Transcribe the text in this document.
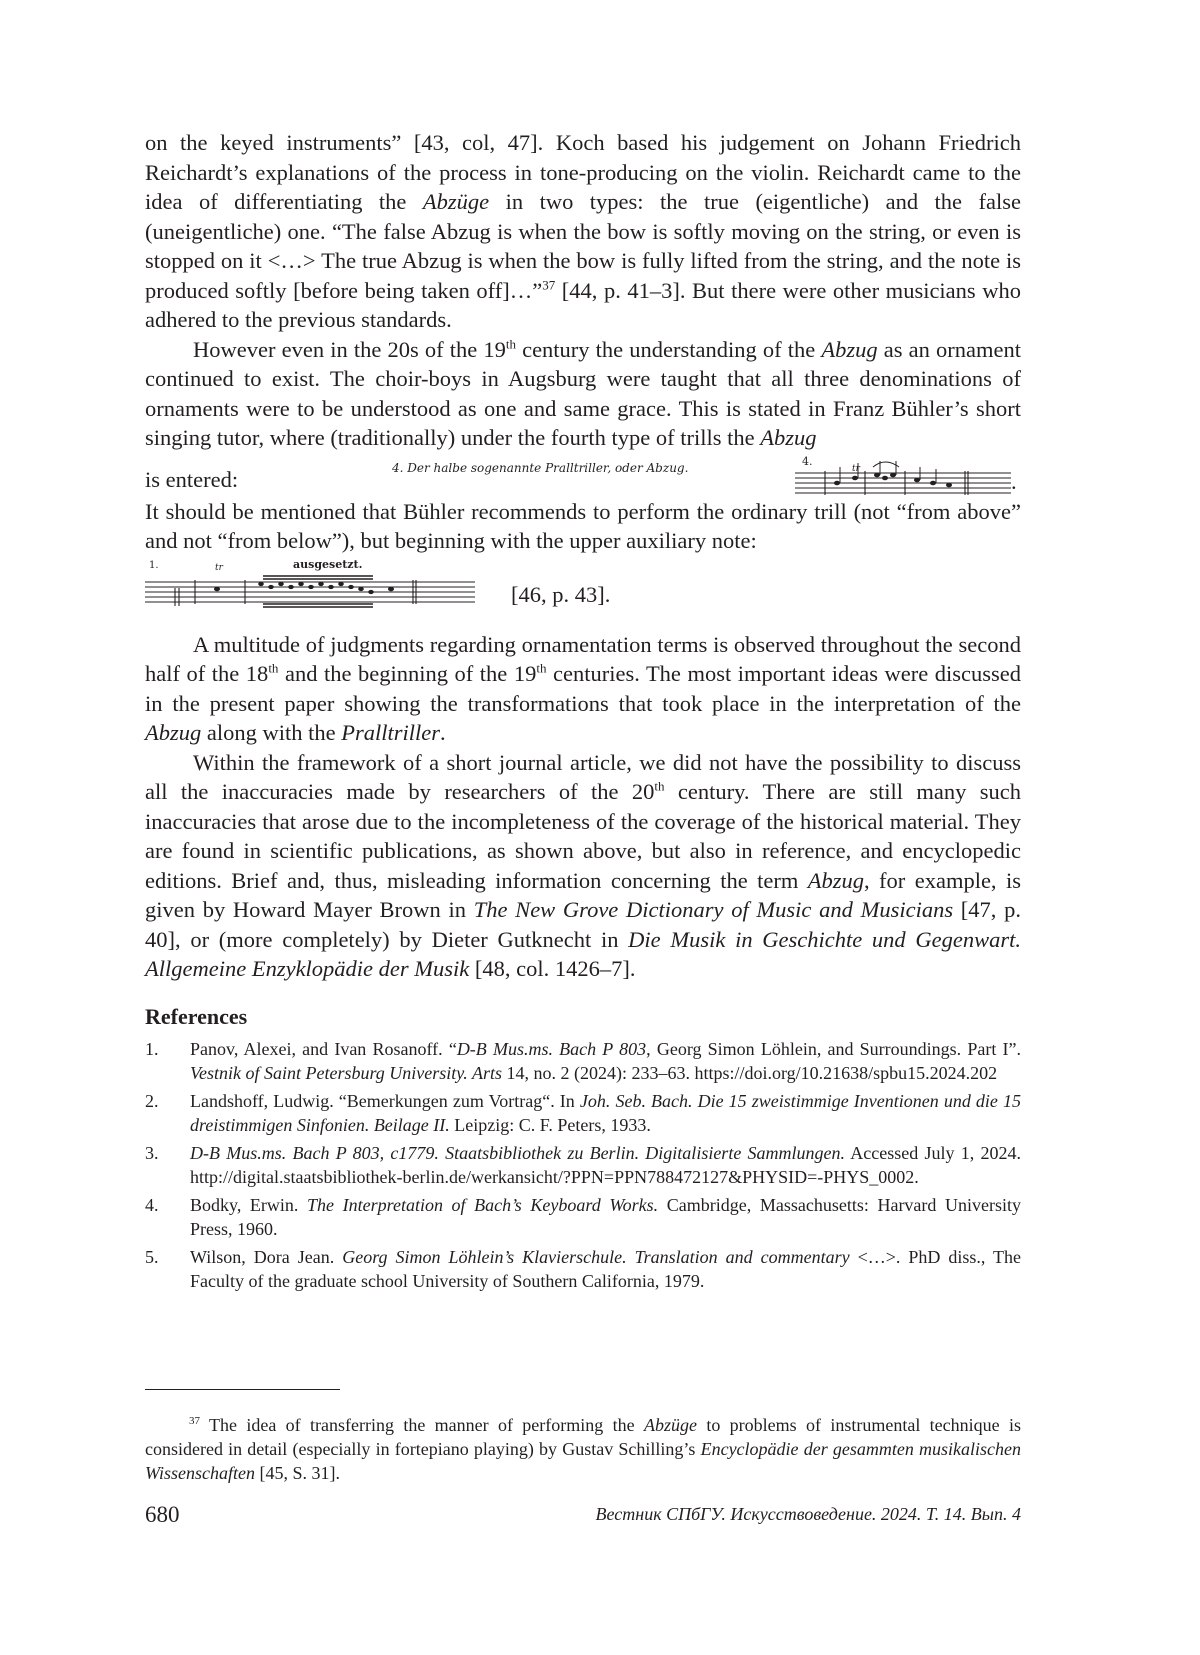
on the keyed instruments” [43, col, 47]. Koch based his judgement on Johann Friedrich Reichardt’s explanations of the process in tone-producing on the violin. Reichardt came to the idea of differentiating the Abzüge in two types: the true (eigentliche) and the false (uneigentliche) one. “The false Abzug is when the bow is softly moving on the string, or even is stopped on it <…> The true Abzug is when the bow is fully lifted from the string, and the note is produced softly [before being taken off]…”$^{37}$ [44, p. 41–3]. But there were other musicians who adhered to the previous standards.

However even in the 20s of the 19th century the understanding of the Abzug as an ornament continued to exist. The choir-boys in Augsburg were taught that all three denominations of ornaments were to be understood as one and same grace. This is stated in Franz Bühler’s short singing tutor, where (traditionally) under the fourth type of trills the Abzug

is entered:	4. Der halbe sogenannte Pralltriller, oder Abzug.	4.
tr
.

It should be mentioned that Bühler recommends to perform the ordinary trill (not “from above” and not “from below”), but beginning with the upper auxiliary note:

1.	tr	ausgesetzt.
[46, p. 43].

A multitude of judgments regarding ornamentation terms is observed throughout the second half of the 18th and the beginning of the 19th centuries. The most important ideas were discussed in the present paper showing the transformations that took place in the interpretation of the Abzug along with the Pralltriller.

Within the framework of a short journal article, we did not have the possibility to discuss all the inaccuracies made by researchers of the 20th century. There are still many such inaccuracies that arose due to the incompleteness of the coverage of the historical material. They are found in scientific publications, as shown above, but also in reference, and encyclopedic editions. Brief and, thus, misleading information concerning the term Abzug, for example, is given by Howard Mayer Brown in The New Grove Dictionary of Music and Musicians [47, p. 40], or (more completely) by Dieter Gutknecht in Die Musik in Geschichte und Gegenwart. Allgemeine Enzyklopädie der Musik [48, col. 1426–7].

References
1.	Panov, Alexei, and Ivan Rosanoff. “D-B Mus.ms. Bach P 803, Georg Simon Löhlein, and Surroundings. Part I”. Vestnik of Saint Petersburg University. Arts 14, no. 2 (2024): 233–63. https://doi.org/10.21638/spbu15.2024.202
2.	Landshoff, Ludwig. “Bemerkungen zum Vortrag“. In Joh. Seb. Bach. Die 15 zweistimmige Inventionen und die 15 dreistimmigen Sinfonien. Beilage II. Leipzig: C. F. Peters, 1933.
3.	D-B Mus.ms. Bach P 803, c1779. Staatsbibliothek zu Berlin. Digitalisierte Sammlungen. Accessed July 1, 2024. http://digital.staatsbibliothek-berlin.de/werkansicht/?PPN=PPN788472127&PHYSID=-PHYS_0002.
4.	Bodky, Erwin. The Interpretation of Bach’s Keyboard Works. Cambridge, Massachusetts: Harvard University Press, 1960.
5.	Wilson, Dora Jean. Georg Simon Löhlein’s Klavierschule. Translation and commentary <…>. PhD diss., The Faculty of the graduate school University of Southern California, 1979.

$^{37}$ The idea of transferring the manner of performing the Abzüge to problems of instrumental technique is considered in detail (especially in fortepiano playing) by Gustav Schilling’s Encyclopädie der gesammten musikalischen Wissenschaften [45, S. 31].

680	Вестник СПбГУ. Искусствоведение. 2024. Т. 14. Вып. 4
